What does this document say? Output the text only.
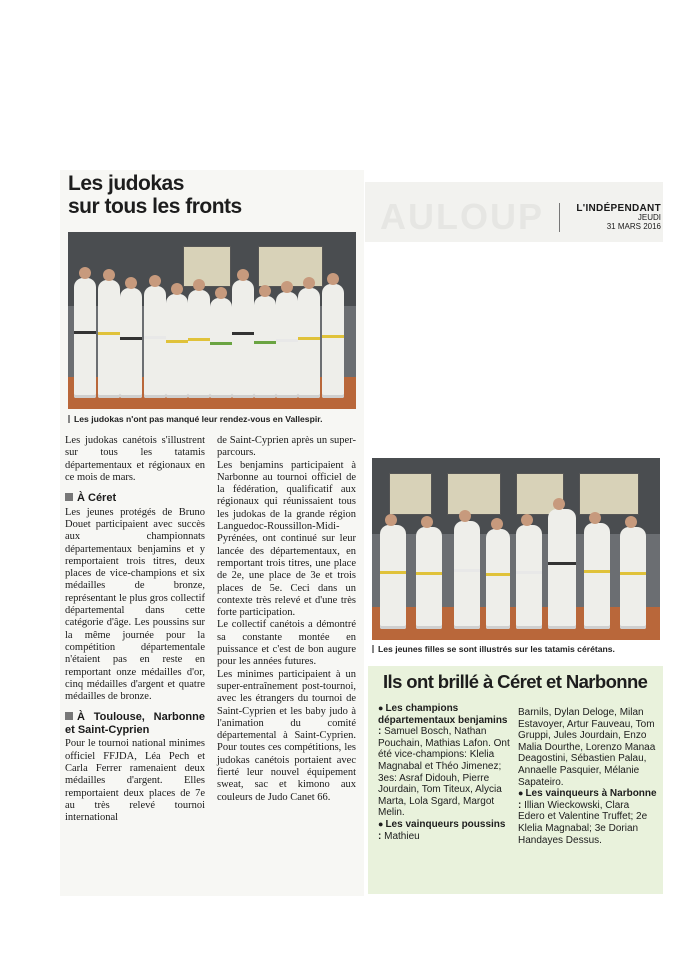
AULOUP	L'INDÉPENDANT
JEUDI
31 MARS 2016
Les judokas
sur tous les fronts
Les judokas n'ont pas manqué leur rendez-vous en Vallespir.

Les judokas canétois s'illustrent sur tous les tatamis départementaux et régionaux en ce mois de mars.

À Céret

Les jeunes protégés de Bruno Douet participaient avec succès aux championnats départementaux benjamins et y remportaient trois titres, deux places de vice-champions et six médailles de bronze, représentant le plus gros collectif départemental dans cette catégorie d'âge. Les poussins sur la même journée pour la compétition départementale n'étaient pas en reste en remportant onze médailles d'or, cinq médailles d'argent et quatre médailles de bronze.

À Toulouse, Narbonne et Saint-Cyprien

Pour le tournoi national minimes officiel FFJDA, Léa Pech et Carla Ferrer ramenaient deux médailles d'argent. Elles remportaient deux places de 7e au très relevé tournoi international

de Saint-Cyprien après un super-parcours.

Les benjamins participaient à Narbonne au tournoi officiel de la fédération, qualificatif aux régionaux qui réunissaient tous les judokas de la grande région Languedoc-Roussillon-Midi-Pyrénées, ont continué sur leur lancée des départementaux, en remportant trois titres, une place de 2e, une place de 3e et trois places de 5e. Ceci dans un contexte très relevé et d'une très forte participation.

Le collectif canétois a démontré sa constante montée en puissance et c'est de bon augure pour les années futures.

Les minimes participaient à un super-entraînement post-tournoi, avec les étrangers du tournoi de Saint-Cyprien et les baby judo à l'animation du comité départemental à Saint-Cyprien. Pour toutes ces compétitions, les judokas canétois portaient avec fierté leur nouvel équipement sweat, sac et kimono aux couleurs de Judo Canet 66.

Les jeunes filles se sont illustrés sur les tatamis cérétans.
Ils ont brillé à Céret et Narbonne

● Les champions départementaux benjamins : Samuel Bosch, Nathan Pouchain, Mathias Lafon. Ont été vice-champions: Klelia Magnabal et Théo Jimenez; 3es: Asraf Didouh, Pierre Jourdain, Tom Titeux, Alycia Marta, Lola Sgard, Margot Melin.

● Les vainqueurs poussins : Mathieu

Barnils, Dylan Deloge, Milan Estavoyer, Artur Fauveau, Tom Gruppi, Jules Jourdain, Enzo Malia Dourthe, Lorenzo Manaa Deagostini, Sébastien Palau, Annaelle Pasquier, Mélanie Sapateiro.

● Les vainqueurs à Narbonne : Illian Wieckowski, Clara Edero et Valentine Truffet; 2e Klelia Magnabal; 3e Dorian Handayes Dessus.
